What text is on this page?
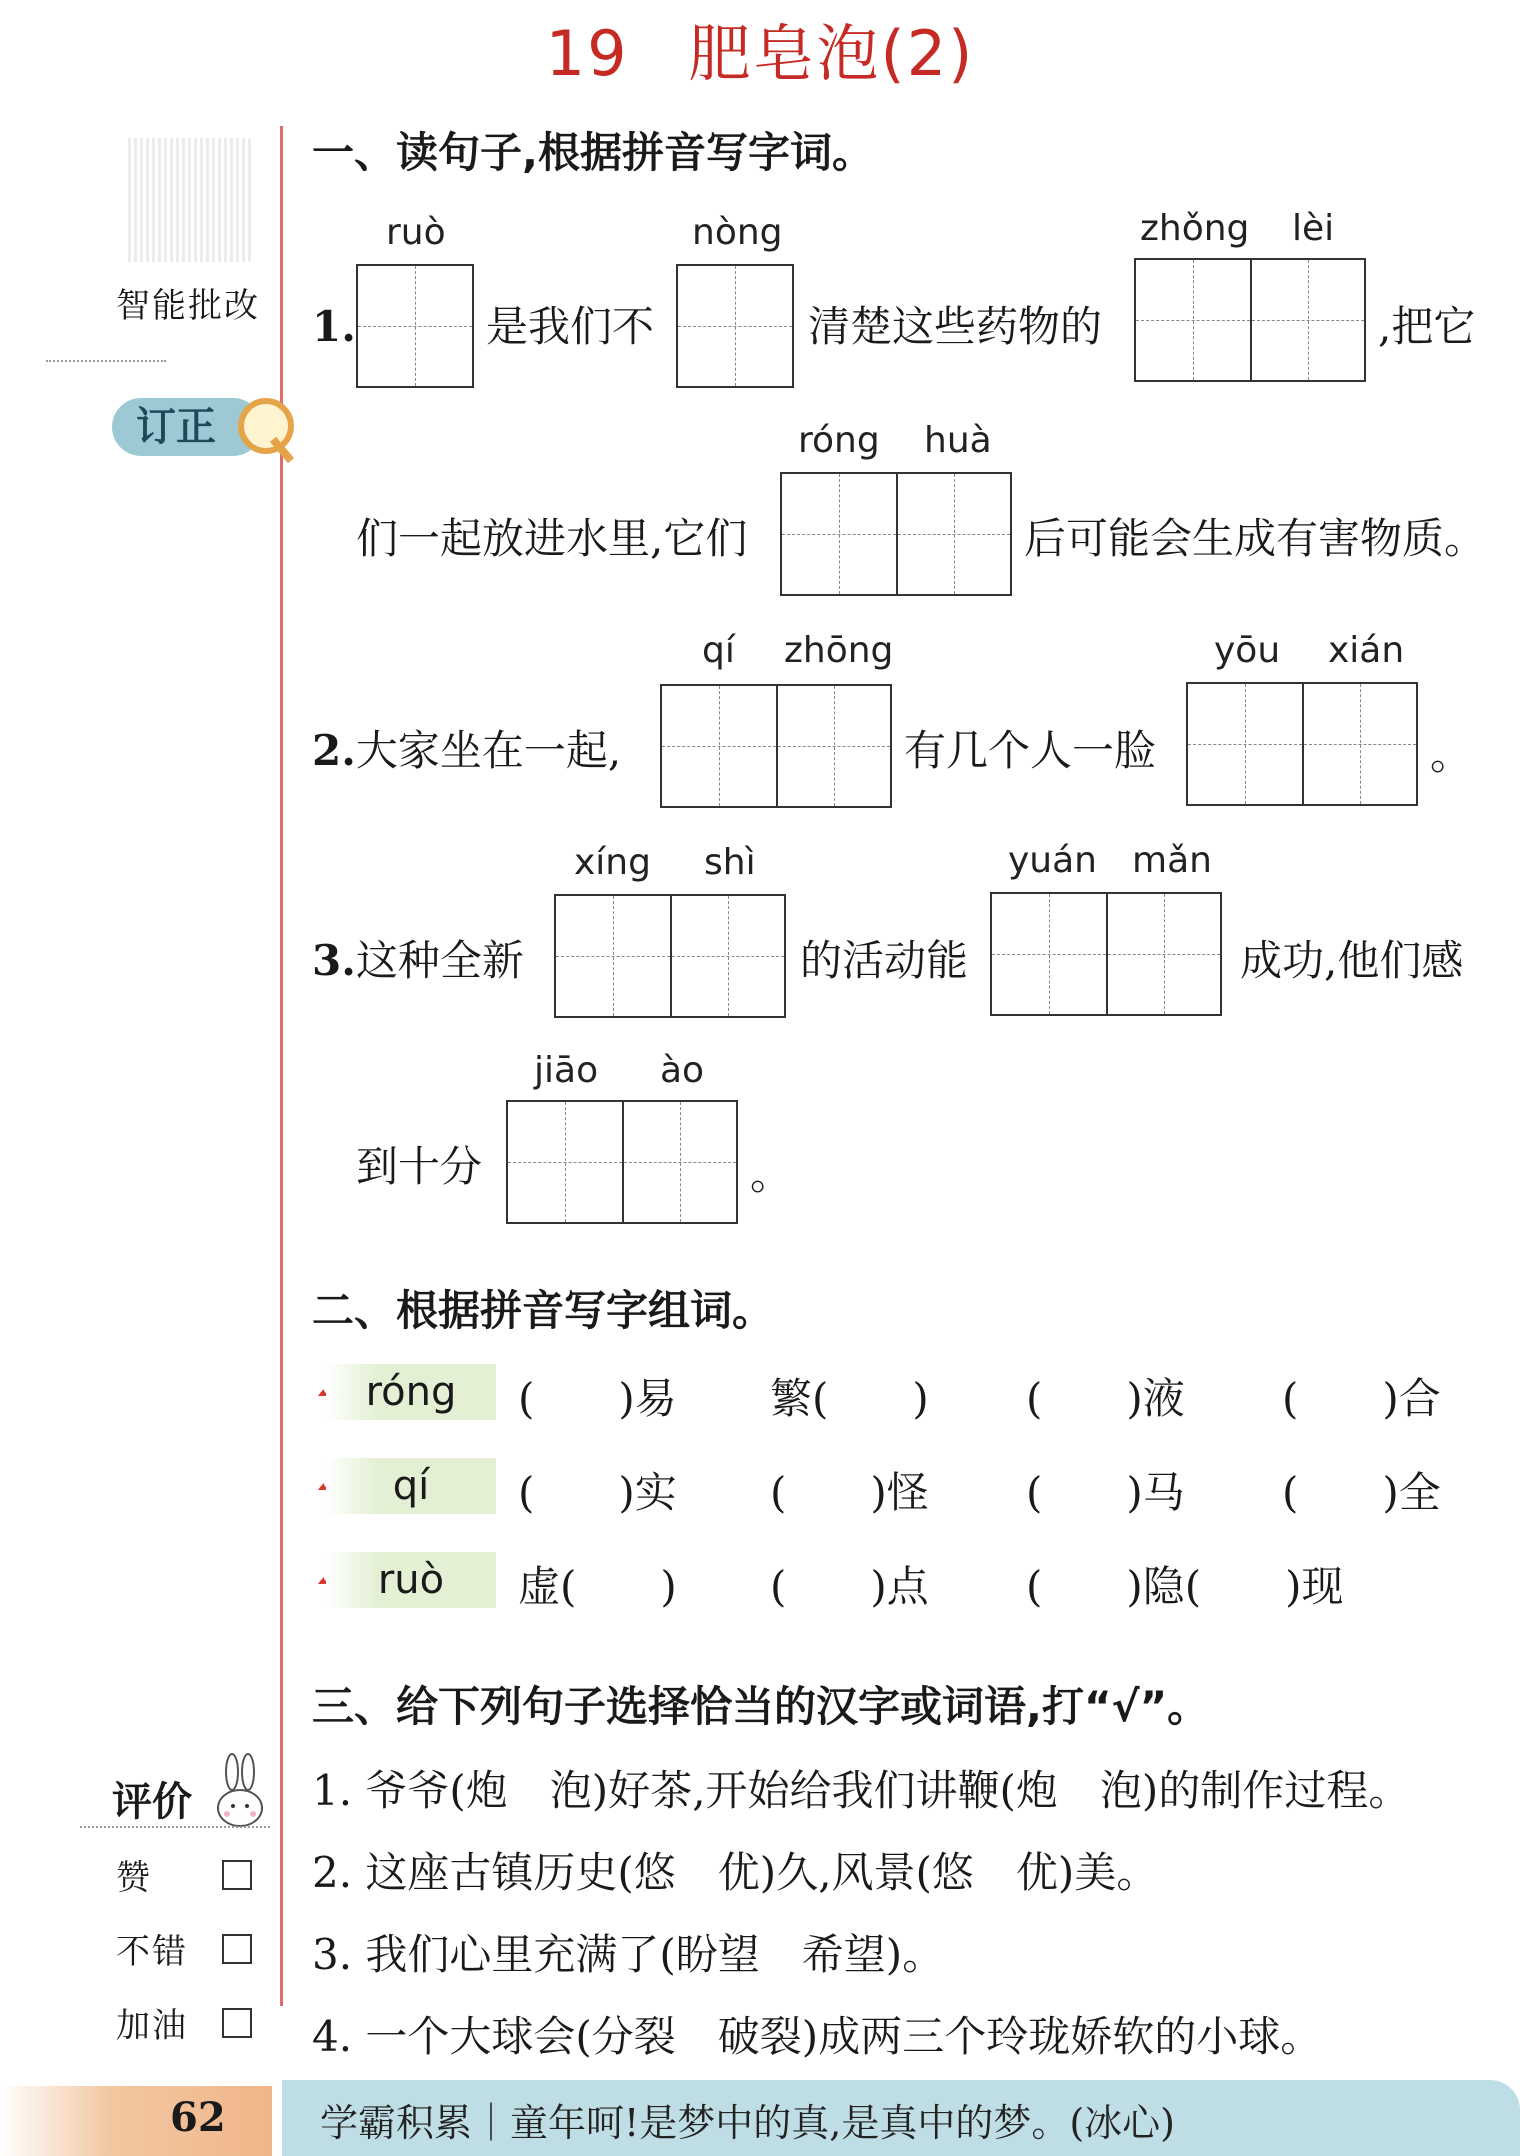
19 肥皂泡(2)
智能批改
订正
一、读句子,根据拼音写字词。
1.
ruò
是我们不
nòng
清楚这些药物的
zhǒng lèi
,把它
们一起放进水里,它们
róng huà
后可能会生成有害物质。
2.大家坐在一起,
qí zhōng
有几个人一脸
yōu xián
。
3.这种全新
xíng shì
的活动能
yuán mǎn
成功,他们感
到十分
jiāo ào
。
二、根据拼音写字组词。
róng	(　　)易 繁(　　) (　　)液 (　　)合
qí	(　　)实 (　　)怪 (　　)马 (　　)全
ruò	虚(　　) (　　)点 (　　)隐(　　)现
三、给下列句子选择恰当的汉字或词语,打“√”。
1. 爷爷(炮　泡)好茶,开始给我们讲鞭(炮　泡)的制作过程。
2. 这座古镇历史(悠　优)久,风景(悠　优)美。
3. 我们心里充满了(盼望　希望)。
4. 一个大球会(分裂　破裂)成两三个玲珑娇软的小球。
评价
赞
不错
加油
62 学霸积累｜童年呵!是梦中的真,是真中的梦。(冰心)
